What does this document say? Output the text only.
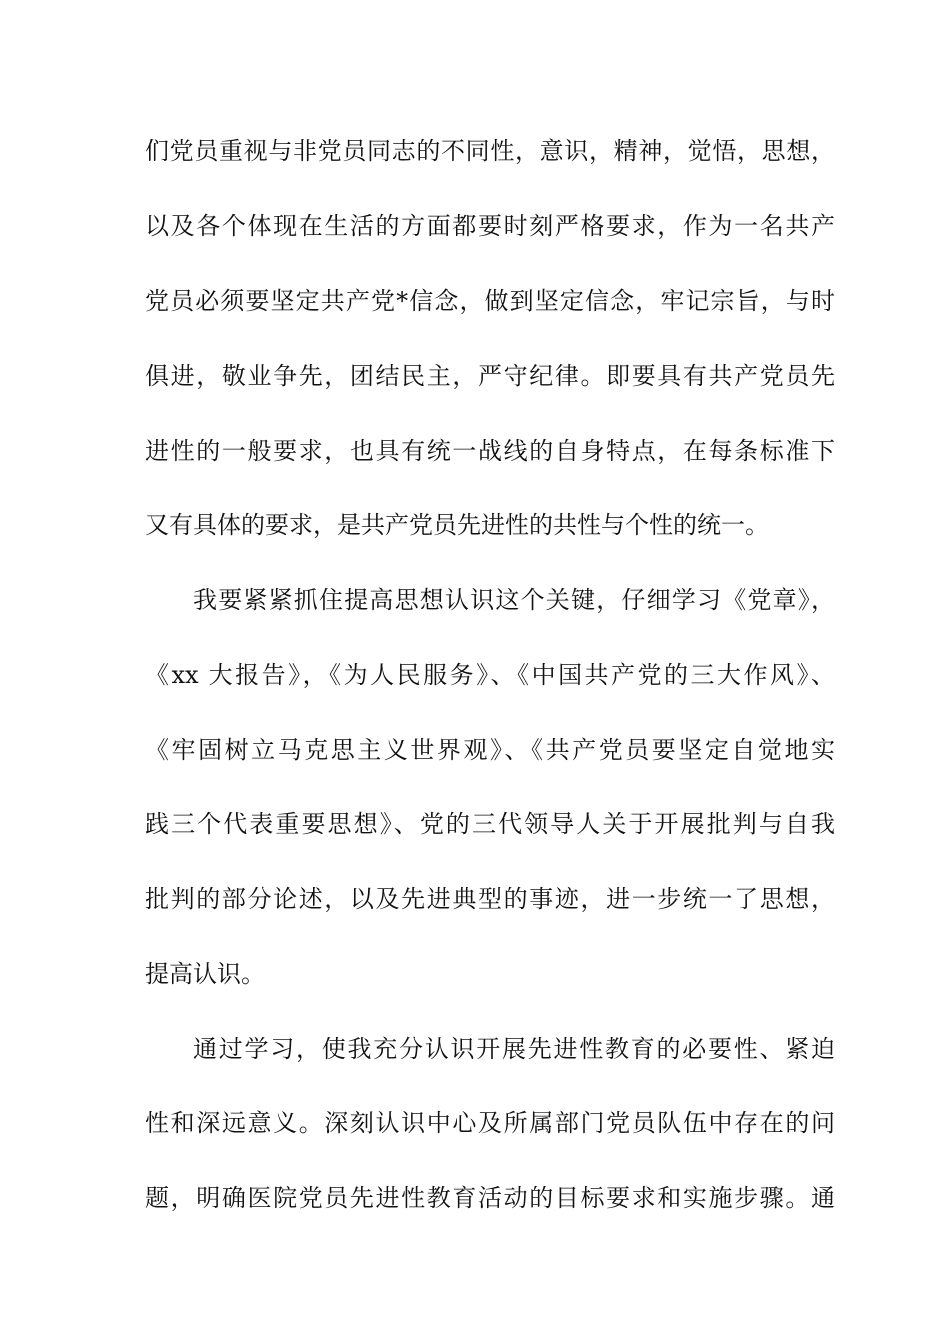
们党员重视与非党员同志的不同性，意识，精神，觉悟，思想，
以及各个体现在生活的方面都要时刻严格要求，作为一名共产
党员必须要坚定共产党*信念，做到坚定信念，牢记宗旨，与时
俱进，敬业争先，团结民主，严守纪律。即要具有共产党员先
进性的一般要求，也具有统一战线的自身特点，在每条标准下
又有具体的要求，是共产党员先进性的共性与个性的统一。
我要紧紧抓住提高思想认识这个关键，仔细学习《党章》，
《xx 大报告》，《为人民服务》、《中国共产党的三大作风》、
《牢固树立马克思主义世界观》、《共产党员要坚定自觉地实
践三个代表重要思想》、党的三代领导人关于开展批判与自我
批判的部分论述，以及先进典型的事迹，进一步统一了思想，
提高认识。
通过学习，使我充分认识开展先进性教育的必要性、紧迫
性和深远意义。深刻认识中心及所属部门党员队伍中存在的问
题，明确医院党员先进性教育活动的目标要求和实施步骤。通
